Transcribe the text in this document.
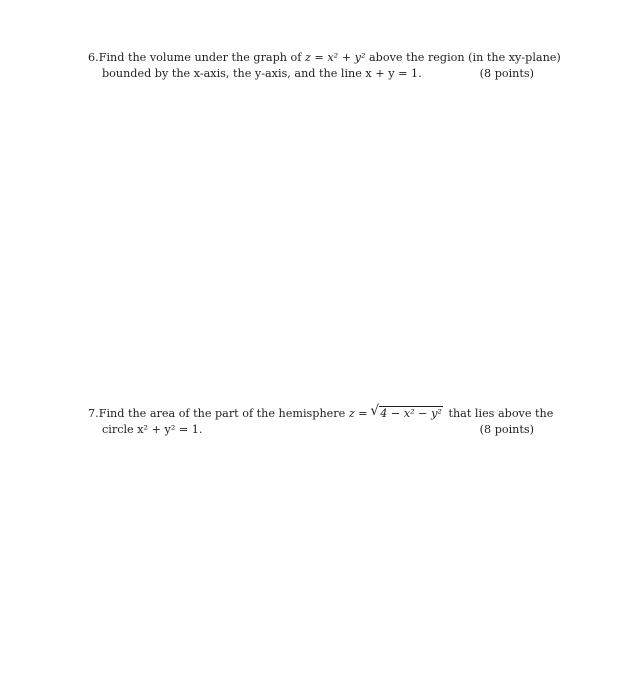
6. Find the volume under the graph of z = x² + y² above the region (in the xy-plane)
bounded by the x-axis, the y-axis, and the line x + y = 1.	(8 points)
7. Find the area of the part of the hemisphere z = √ 4 − x² − y² that lies above the
circle x² + y² = 1.	(8 points)
